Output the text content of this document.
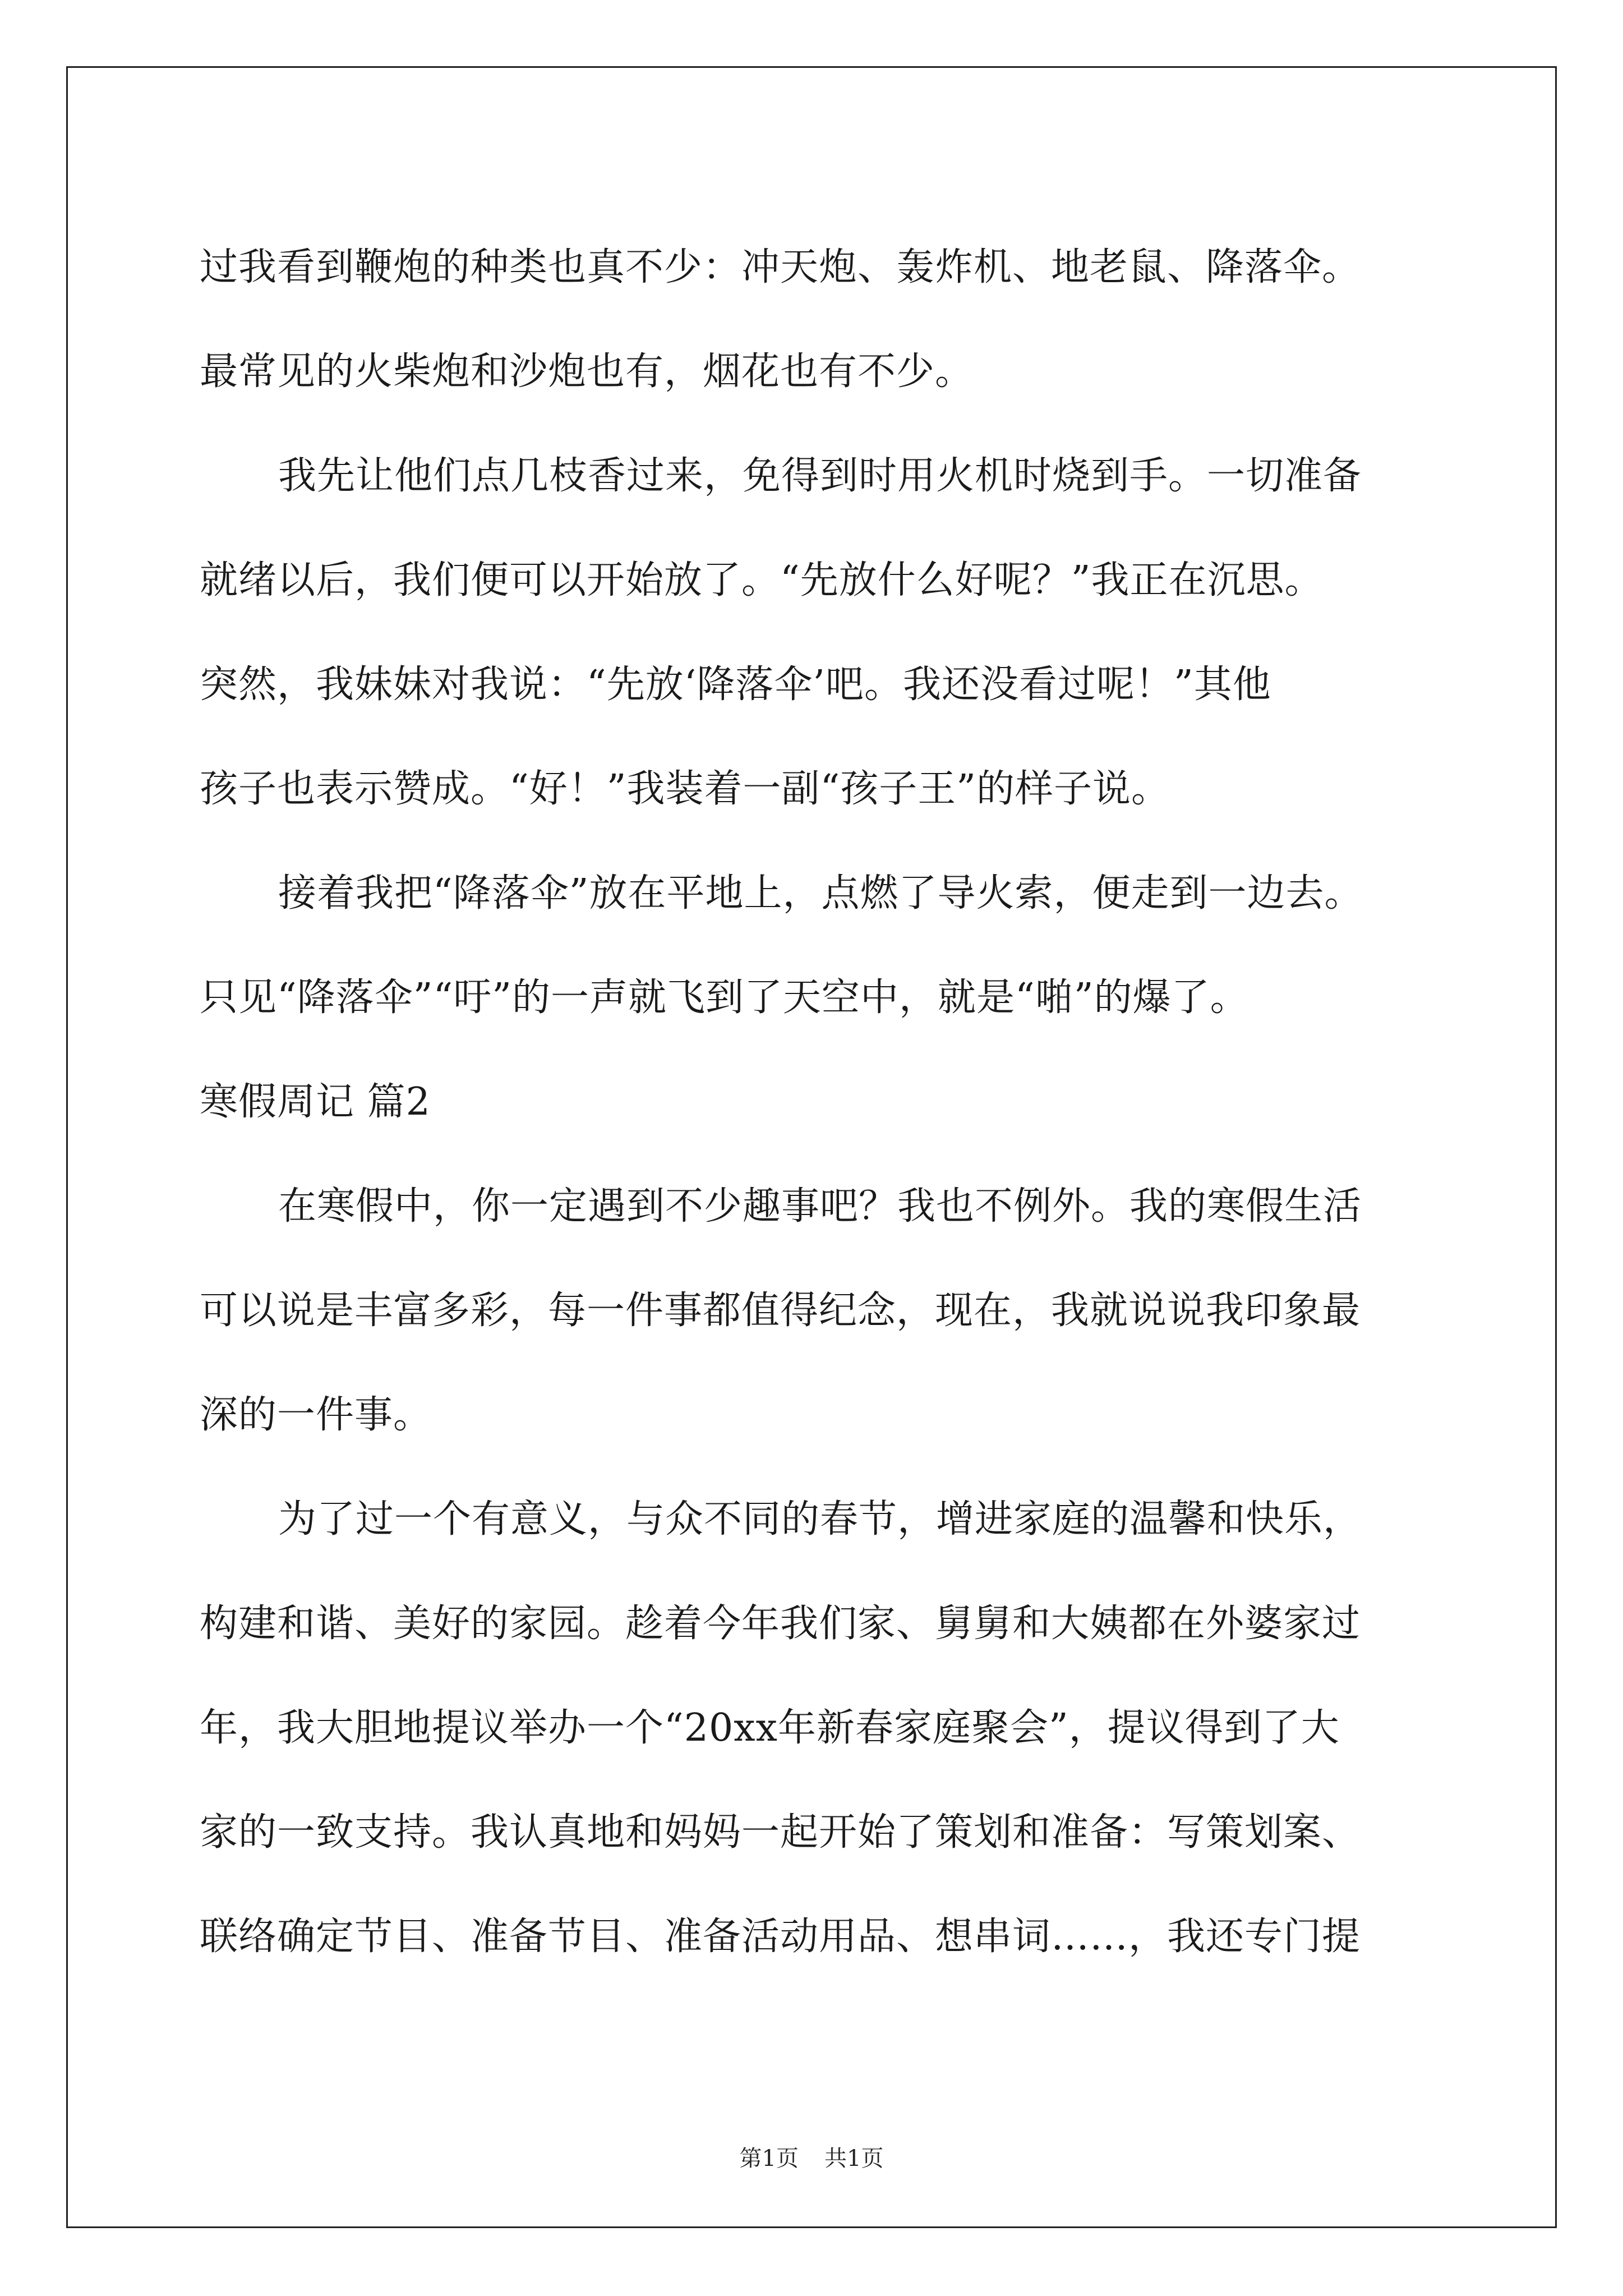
过我看到鞭炮的种类也真不少：冲天炮、轰炸机、地老鼠、降落伞。
最常见的火柴炮和沙炮也有，烟花也有不少。
我先让他们点几枝香过来，免得到时用火机时烧到手。一切准备
就绪以后，我们便可以开始放了。“先放什么好呢？”我正在沉思。
突然，我妹妹对我说：“先放‘降落伞’吧。我还没看过呢！”其他
孩子也表示赞成。“好！”我装着一副“孩子王”的样子说。
接着我把“降落伞”放在平地上，点燃了导火索，便走到一边去。
只见“降落伞”“吁”的一声就飞到了天空中，就是“啪”的爆了。
寒假周记 篇2
在寒假中，你一定遇到不少趣事吧？我也不例外。我的寒假生活
可以说是丰富多彩，每一件事都值得纪念，现在，我就说说我印象最
深的一件事。
为了过一个有意义，与众不同的春节，增进家庭的温馨和快乐，
构建和谐、美好的家园。趁着今年我们家、舅舅和大姨都在外婆家过
年，我大胆地提议举办一个“20xx年新春家庭聚会”，提议得到了大
家的一致支持。我认真地和妈妈一起开始了策划和准备：写策划案、
联络确定节目、准备节目、准备活动用品、想串词……，我还专门提
第1页 共1页
